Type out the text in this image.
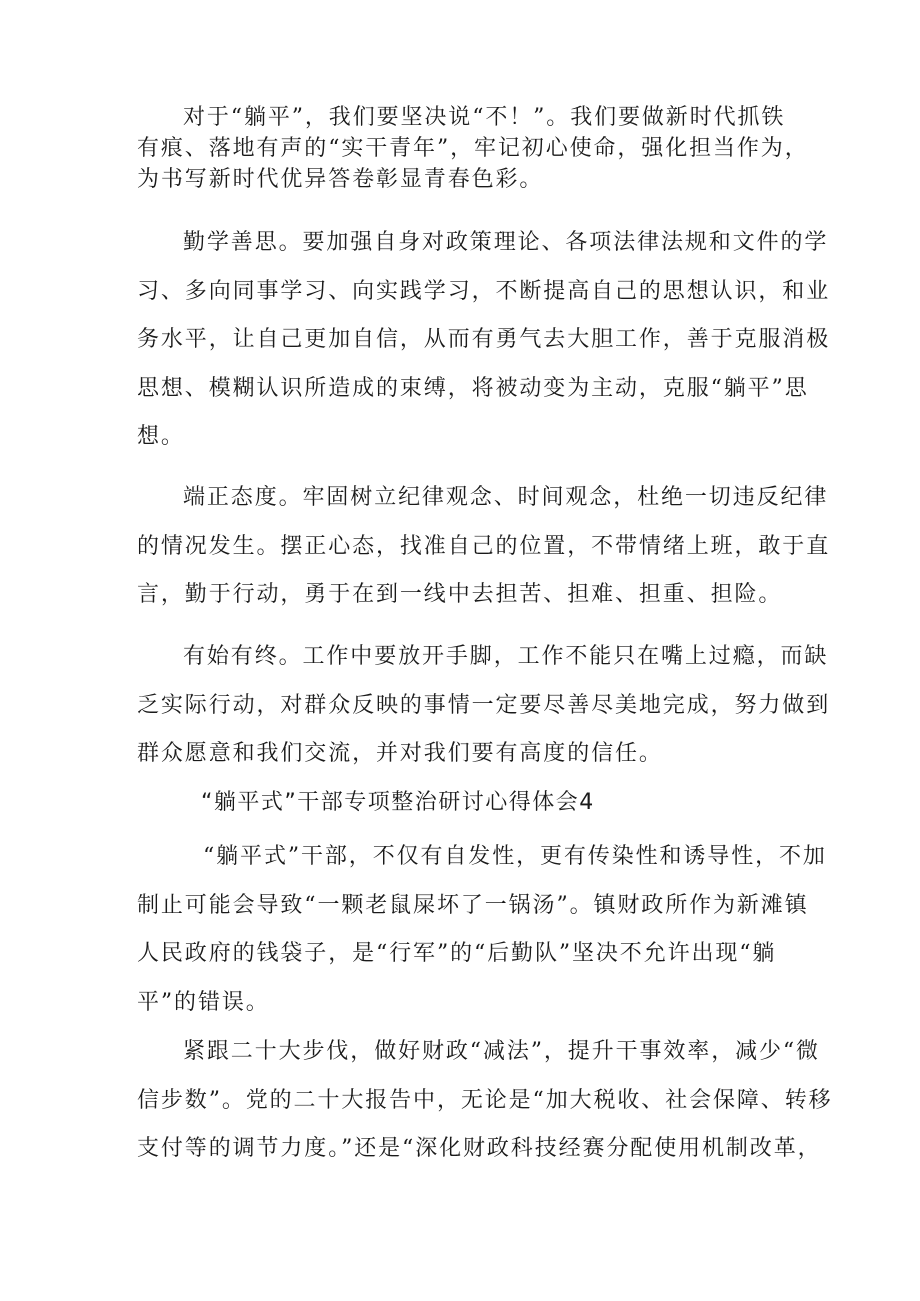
对于“躺平”，我们要坚决说“不！”。我们要做新时代抓铁
有痕、落地有声的“实干青年”，牢记初心使命，强化担当作为，
为书写新时代优异答卷彰显青春色彩。

勤学善思。要加强自身对政策理论、各项法律法规和文件的学
习、多向同事学习、向实践学习，不断提高自己的思想认识，和业
务水平，让自己更加自信，从而有勇气去大胆工作，善于克服消极
思想、模糊认识所造成的束缚，将被动变为主动，克服“躺平”思
想。

端正态度。牢固树立纪律观念、时间观念，杜绝一切违反纪律
的情况发生。摆正心态，找准自己的位置，不带情绪上班，敢于直
言，勤于行动，勇于在到一线中去担苦、担难、担重、担险。

有始有终。工作中要放开手脚，工作不能只在嘴上过瘾，而缺
乏实际行动，对群众反映的事情一定要尽善尽美地完成，努力做到
群众愿意和我们交流，并对我们要有高度的信任。

“躺平式”干部专项整治研讨心得体会4

“躺平式”干部，不仅有自发性，更有传染性和诱导性，不加
制止可能会导致“一颗老鼠屎坏了一锅汤”。镇财政所作为新滩镇
人民政府的钱袋子，是“行军”的“后勤队”坚决不允许出现“躺
平”的错误。

紧跟二十大步伐，做好财政“减法”，提升干事效率，减少“微
信步数”。党的二十大报告中，无论是“加大税收、社会保障、转移
支付等的调节力度。”还是“深化财政科技经赛分配使用机制改革，
